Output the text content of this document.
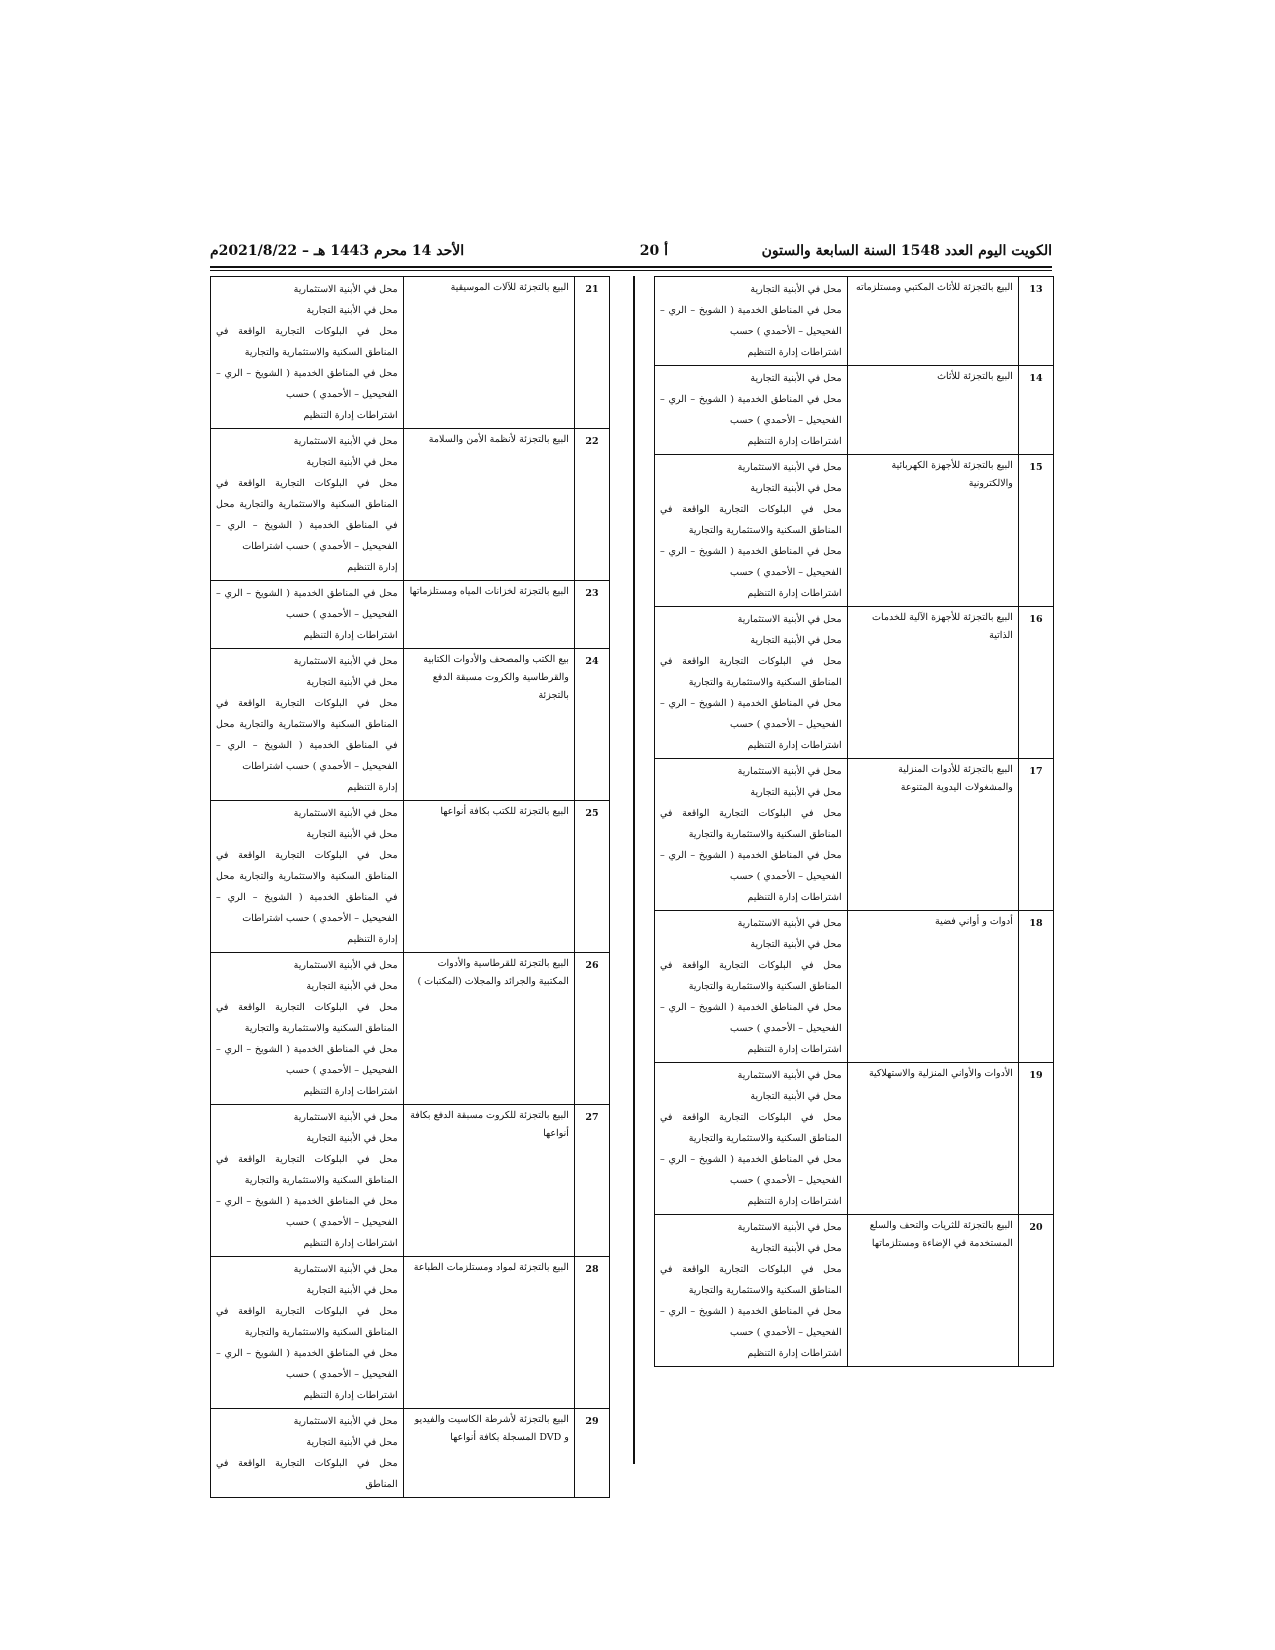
الكويت اليوم العدد 1548 السنة السابعة والستون
أ 20
الأحد 14 محرم 1443 هـ – 2021/8/22م
13	البيع بالتجزئة للأثاث المكتبي ومستلزماته	محل في الأبنية التجارية
محل في المناطق الخدمية ( الشويخ – الري – الفحيحيل – الأحمدي ) حسب
اشتراطات إدارة التنظيم
14	البيع بالتجزئة للأثاث	محل في الأبنية التجارية
محل في المناطق الخدمية ( الشويخ – الري – الفحيحيل – الأحمدي ) حسب
اشتراطات إدارة التنظيم
15	البيع بالتجزئة للأجهزة الكهربائية والالكترونية	محل في الأبنية الاستثمارية
محل في الأبنية التجارية
محل في البلوكات التجارية الواقعة في المناطق السكنية والاستثمارية والتجارية
محل في المناطق الخدمية ( الشويخ – الري – الفحيحيل – الأحمدي ) حسب
اشتراطات إدارة التنظيم
16	البيع بالتجزئة للأجهزة الآلية للخدمات الذاتية	محل في الأبنية الاستثمارية
محل في الأبنية التجارية
محل في البلوكات التجارية الواقعة في المناطق السكنية والاستثمارية والتجارية
محل في المناطق الخدمية ( الشويخ – الري – الفحيحيل – الأحمدي ) حسب
اشتراطات إدارة التنظيم
17	البيع بالتجزئة للأدوات المنزلية والمشغولات اليدوية المتنوعة	محل في الأبنية الاستثمارية
محل في الأبنية التجارية
محل في البلوكات التجارية الواقعة في المناطق السكنية والاستثمارية والتجارية
محل في المناطق الخدمية ( الشويخ – الري – الفحيحيل – الأحمدي ) حسب
اشتراطات إدارة التنظيم
18	أدوات و أواني فضية	محل في الأبنية الاستثمارية
محل في الأبنية التجارية
محل في البلوكات التجارية الواقعة في المناطق السكنية والاستثمارية والتجارية
محل في المناطق الخدمية ( الشويخ – الري – الفحيحيل – الأحمدي ) حسب
اشتراطات إدارة التنظيم
19	الأدوات والأواني المنزلية والاستهلاكية	محل في الأبنية الاستثمارية
محل في الأبنية التجارية
محل في البلوكات التجارية الواقعة في المناطق السكنية والاستثمارية والتجارية
محل في المناطق الخدمية ( الشويخ – الري – الفحيحيل – الأحمدي ) حسب
اشتراطات إدارة التنظيم
20	البيع بالتجزئة للثريات والتحف والسلع المستخدمة في الإضاءة ومستلزماتها	محل في الأبنية الاستثمارية
محل في الأبنية التجارية
محل في البلوكات التجارية الواقعة في المناطق السكنية والاستثمارية والتجارية
محل في المناطق الخدمية ( الشويخ – الري – الفحيحيل – الأحمدي ) حسب
اشتراطات إدارة التنظيم
21	البيع بالتجزئة للآلات الموسيقية	محل في الأبنية الاستثمارية
محل في الأبنية التجارية
محل في البلوكات التجارية الواقعة في المناطق السكنية والاستثمارية والتجارية
محل في المناطق الخدمية ( الشويخ – الري – الفحيحيل – الأحمدي ) حسب
اشتراطات إدارة التنظيم
22	البيع بالتجزئة لأنظمة الأمن والسلامة	محل في الأبنية الاستثمارية
محل في الأبنية التجارية
محل في البلوكات التجارية الواقعة في المناطق السكنية والاستثمارية والتجارية محل في المناطق الخدمية ( الشويخ – الري – الفحيحيل – الأحمدي ) حسب اشتراطات
إدارة التنظيم
23	البيع بالتجزئة لخزانات المياه ومستلزماتها	محل في المناطق الخدمية ( الشويخ – الري – الفحيحيل – الأحمدي ) حسب
اشتراطات إدارة التنظيم
24	بيع الكتب والمصحف والأدوات الكتابية والقرطاسية والكروت مسبقة الدفع بالتجزئة	محل في الأبنية الاستثمارية
محل في الأبنية التجارية
محل في البلوكات التجارية الواقعة في المناطق السكنية والاستثمارية والتجارية محل في المناطق الخدمية ( الشويخ – الري – الفحيحيل – الأحمدي ) حسب اشتراطات
إدارة التنظيم
25	البيع بالتجزئة للكتب بكافة أنواعها	محل في الأبنية الاستثمارية
محل في الأبنية التجارية
محل في البلوكات التجارية الواقعة في المناطق السكنية والاستثمارية والتجارية محل في المناطق الخدمية ( الشويخ – الري – الفحيحيل – الأحمدي ) حسب اشتراطات
إدارة التنظيم
26	البيع بالتجزئة للقرطاسية والأدوات المكتبية والجرائد والمجلات (المكتبات )	محل في الأبنية الاستثمارية
محل في الأبنية التجارية
محل في البلوكات التجارية الواقعة في المناطق السكنية والاستثمارية والتجارية
محل في المناطق الخدمية ( الشويخ – الري – الفحيحيل – الأحمدي ) حسب
اشتراطات إدارة التنظيم
27	البيع بالتجزئة للكروت مسبقة الدفع بكافة أنواعها	محل في الأبنية الاستثمارية
محل في الأبنية التجارية
محل في البلوكات التجارية الواقعة في المناطق السكنية والاستثمارية والتجارية
محل في المناطق الخدمية ( الشويخ – الري – الفحيحيل – الأحمدي ) حسب
اشتراطات إدارة التنظيم
28	البيع بالتجزئة لمواد ومستلزمات الطباعة	محل في الأبنية الاستثمارية
محل في الأبنية التجارية
محل في البلوكات التجارية الواقعة في المناطق السكنية والاستثمارية والتجارية
محل في المناطق الخدمية ( الشويخ – الري – الفحيحيل – الأحمدي ) حسب
اشتراطات إدارة التنظيم
29	البيع بالتجزئة لأشرطة الكاسيت والفيديو و DVD المسجلة بكافة أنواعها	محل في الأبنية الاستثمارية
محل في الأبنية التجارية
محل في البلوكات التجارية الواقعة في المناطق
